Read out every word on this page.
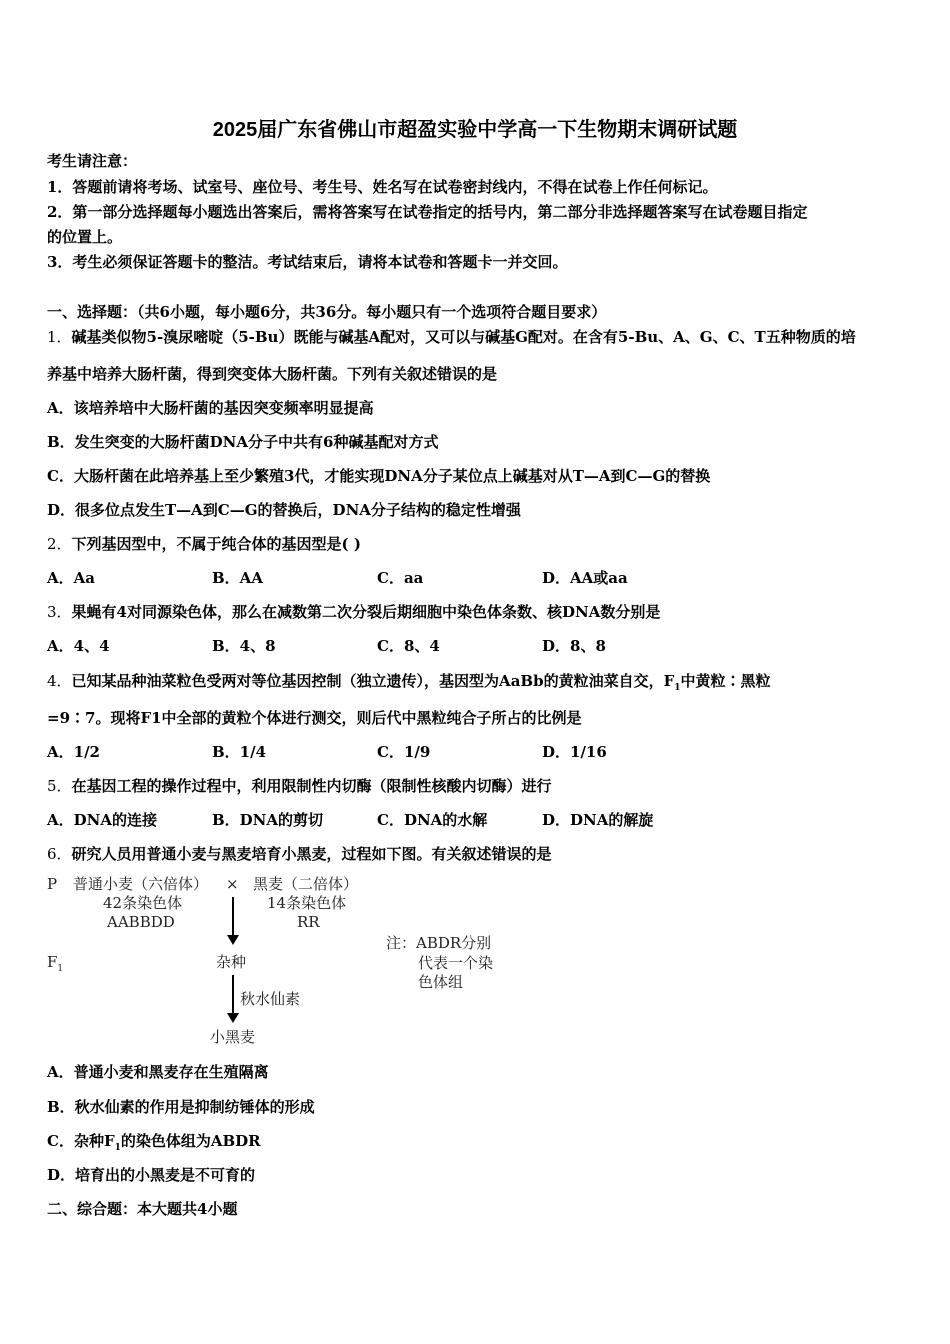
2025届广东省佛山市超盈实验中学高一下生物期末调研试题
考生请注意：
1．答题前请将考场、试室号、座位号、考生号、姓名写在试卷密封线内，不得在试卷上作任何标记。
2．第一部分选择题每小题选出答案后，需将答案写在试卷指定的括号内，第二部分非选择题答案写在试卷题目指定
的位置上。
3．考生必须保证答题卡的整洁。考试结束后，请将本试卷和答题卡一并交回。
一、选择题：（共6小题，每小题6分，共36分。每小题只有一个选项符合题目要求）
1．碱基类似物5-溴尿嘧啶（5-Bu）既能与碱基A配对，又可以与碱基G配对。在含有5-Bu、A、G、C、T五种物质的培
养基中培养大肠杆菌，得到突变体大肠杆菌。下列有关叙述错误的是
A．该培养培中大肠杆菌的基因突变频率明显提高
B．发生突变的大肠杆菌DNA分子中共有6种碱基配对方式
C．大肠杆菌在此培养基上至少繁殖3代，才能实现DNA分子某位点上碱基对从T—A到C—G的替换
D．很多位点发生T—A到C—G的替换后，DNA分子结构的稳定性增强
2．下列基因型中，不属于纯合体的基因型是( )
A．Aa	B．AA	C．aa	D．AA或aa
3．果蝇有4对同源染色体，那么在减数第二次分裂后期细胞中染色体条数、核DNA数分别是
A．4、4	B．4、8	C．8、4	D．8、8
4．已知某品种油菜粒色受两对等位基因控制（独立遗传），基因型为AaBb的黄粒油菜自交，$F_1$中黄粒∶黑粒
=9∶7。现将F1中全部的黄粒个体进行测交，则后代中黑粒纯合子所占的比例是
A．1/2	B．1/4	C．1/9	D．1/16
5．在基因工程的操作过程中，利用限制性内切酶（限制性核酸内切酶）进行
A．DNA的连接	B．DNA的剪切	C．DNA的水解	D．DNA的解旋
6．研究人员用普通小麦与黑麦培育小黑麦，过程如下图。有关叙述错误的是
P 普通小麦（六倍体） × 黑麦（二倍体）
42条染色体
AABBDD
14条染色体
RR
$F_1$	杂种
秋水仙素
小黑麦
注：ABDR分别
代表一个染
色体组
A．普通小麦和黑麦存在生殖隔离
B．秋水仙素的作用是抑制纺锤体的形成
C．杂种$F_1$的染色体组为ABDR
D．培育出的小黑麦是不可育的
二、综合题：本大题共4小题
